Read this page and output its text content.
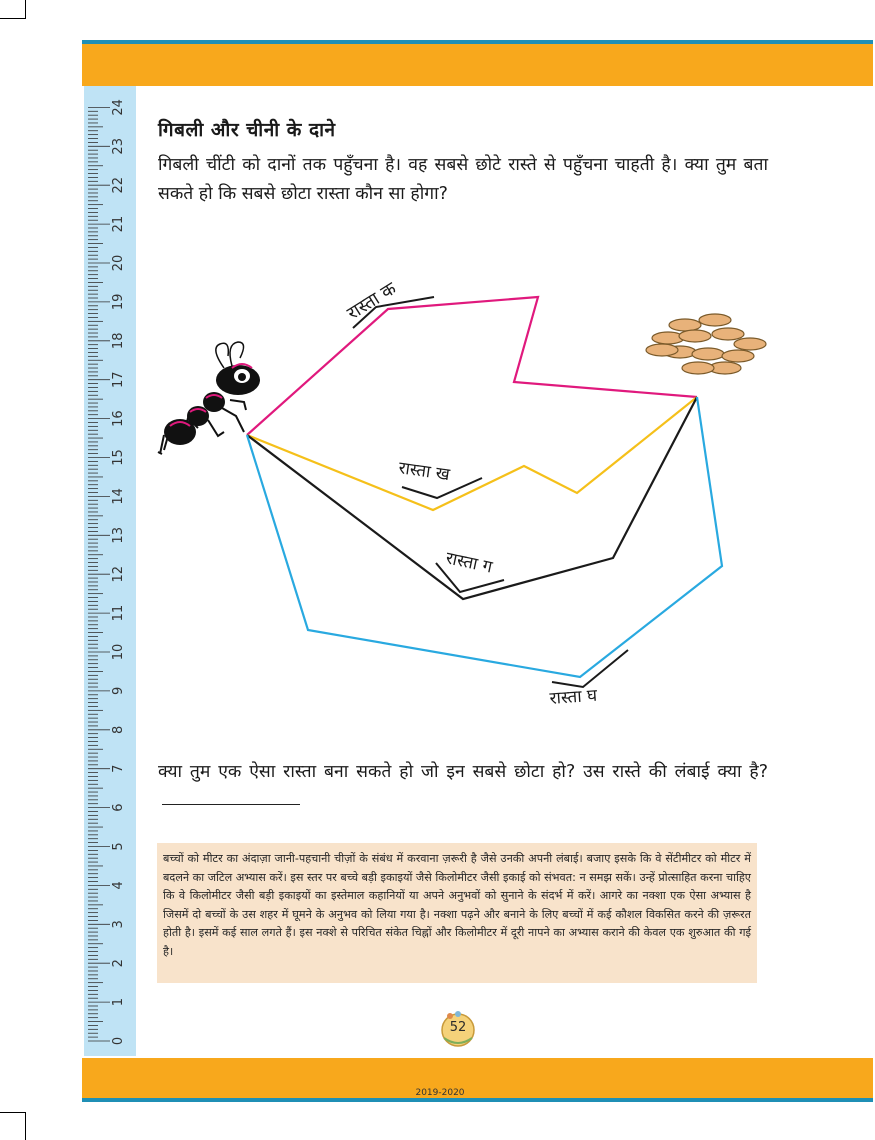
0
1
2
3
4
5
6
7
8
9
10
11
12
13
14
15
16
17
18
19
20
21
22
23
24
गिबली और चीनी के दाने
गिबली चींटी को दानों तक पहुँचना है। वह सबसे छोटे रास्ते से पहुँचना चाहती है। क्या तुम बता सकते हो कि सबसे छोटा रास्ता कौन सा होगा?
रास्ता क
रास्ता ख
रास्ता ग
रास्ता घ
क्या तुम एक ऐसा रास्ता बना सकते हो जो इन सबसे छोटा हो? उस रास्ते की लंबाई क्या है?
बच्चों को मीटर का अंदाज़ा जानी-पहचानी चीज़ों के संबंध में करवाना ज़रूरी है जैसे उनकी अपनी लंबाई। बजाए इसके कि वे सेंटीमीटर को मीटर में बदलने का जटिल अभ्यास करें। इस स्तर पर बच्चे बड़ी इकाइयों जैसे किलोमीटर जैसी इकाई को संभवत: न समझ सकें। उन्हें प्रोत्साहित करना चाहिए कि वे किलोमीटर जैसी बड़ी इकाइयों का इस्तेमाल कहानियों या अपने अनुभवों को सुनाने के संदर्भ में करें। आगरे का नक्शा एक ऐसा अभ्यास है जिसमें दो बच्चों के उस शहर में घूमने के अनुभव को लिया गया है। नक्शा पढ़ने और बनाने के लिए बच्चों में कई कौशल विकसित करने की ज़रूरत होती है। इसमें कई साल लगते हैं। इस नक्शे से परिचित संकेत चिह्नों और किलोमीटर में दूरी नापने का अभ्यास कराने की केवल एक शुरुआत की गई है।
52
2019-2020
